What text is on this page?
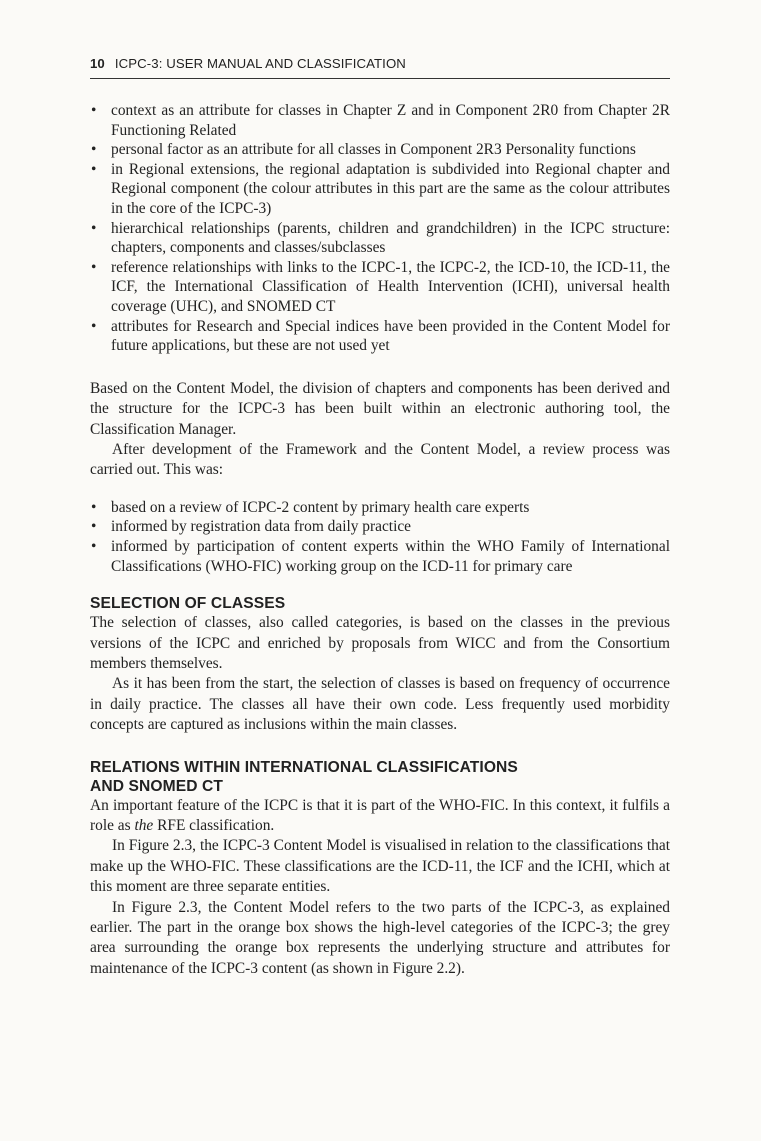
10 ICPC-3: USER MANUAL AND CLASSIFICATION
• context as an attribute for classes in Chapter Z and in Component 2R0 from Chapter 2R Functioning Related
• personal factor as an attribute for all classes in Component 2R3 Personality functions
• in Regional extensions, the regional adaptation is subdivided into Regional chapter and Regional component (the colour attributes in this part are the same as the colour attributes in the core of the ICPC-3)
• hierarchical relationships (parents, children and grandchildren) in the ICPC structure: chapters, components and classes/subclasses
• reference relationships with links to the ICPC-1, the ICPC-2, the ICD-10, the ICD-11, the ICF, the International Classification of Health Intervention (ICHI), universal health coverage (UHC), and SNOMED CT
• attributes for Research and Special indices have been provided in the Content Model for future applications, but these are not used yet

Based on the Content Model, the division of chapters and components has been derived and the structure for the ICPC-3 has been built within an electronic authoring tool, the Classification Manager.

After development of the Framework and the Content Model, a review process was carried out. This was:

• based on a review of ICPC-2 content by primary health care experts
• informed by registration data from daily practice
• informed by participation of content experts within the WHO Family of International Classifications (WHO-FIC) working group on the ICD-11 for primary care
SELECTION OF CLASSES

The selection of classes, also called categories, is based on the classes in the previous versions of the ICPC and enriched by proposals from WICC and from the Consortium members themselves.

As it has been from the start, the selection of classes is based on frequency of occurrence in daily practice. The classes all have their own code. Less frequently used morbidity concepts are captured as inclusions within the main classes.

RELATIONS WITHIN INTERNATIONAL CLASSIFICATIONS
AND SNOMED CT

An important feature of the ICPC is that it is part of the WHO-FIC. In this context, it fulfils a role as the RFE classification.

In Figure 2.3, the ICPC-3 Content Model is visualised in relation to the classifications that make up the WHO-FIC. These classifications are the ICD-11, the ICF and the ICHI, which at this moment are three separate entities.

In Figure 2.3, the Content Model refers to the two parts of the ICPC-3, as explained earlier. The part in the orange box shows the high-level categories of the ICPC-3; the grey area surrounding the orange box represents the underlying structure and attributes for maintenance of the ICPC-3 content (as shown in Figure 2.2).
